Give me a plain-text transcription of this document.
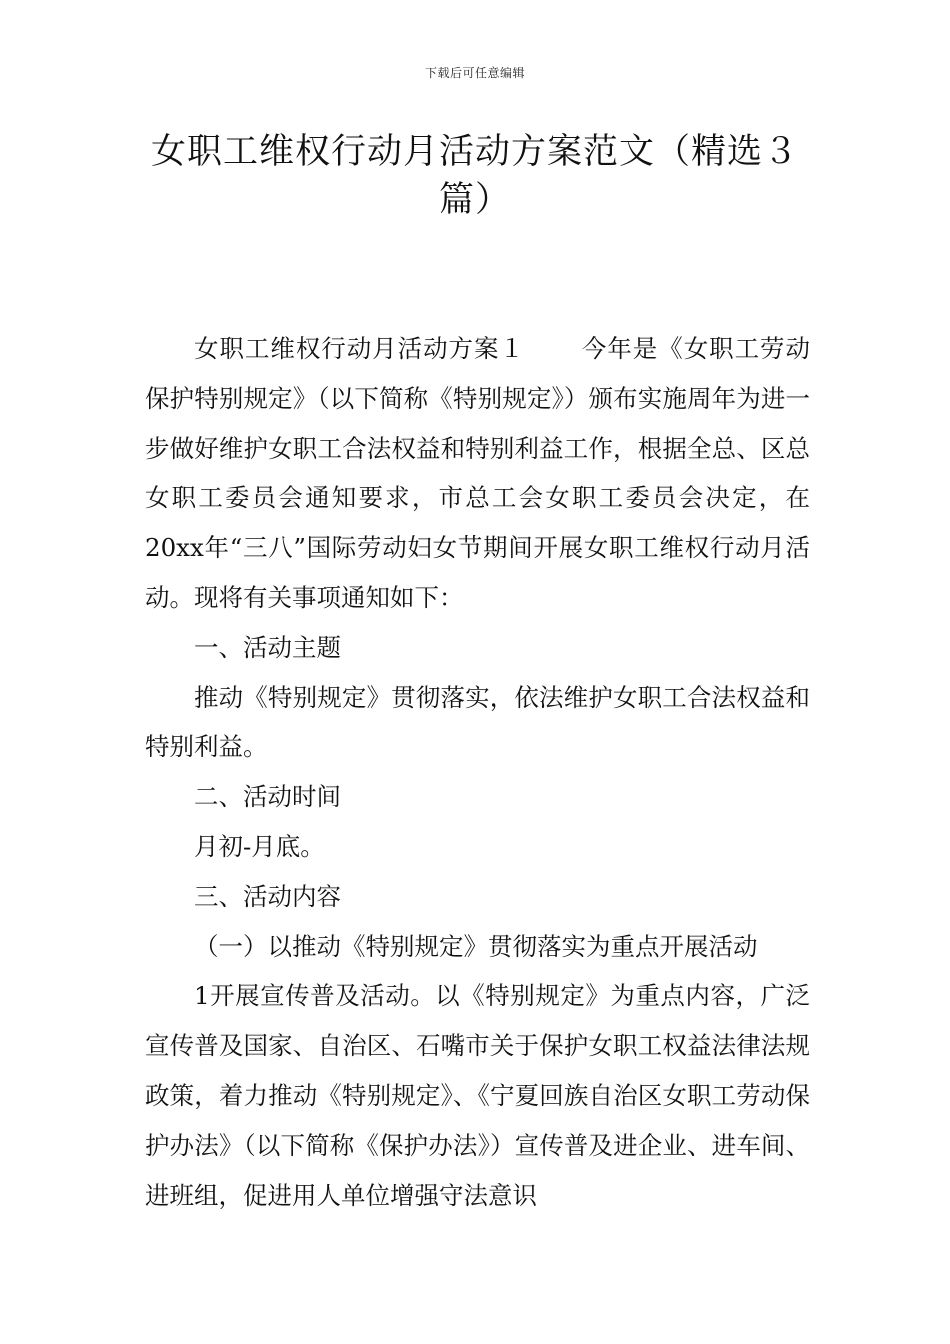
下载后可任意编辑
女职工维权行动月活动方案范文（精选３篇）

女职工维权行动月活动方案１ 今年是《女职工劳动保护特别规定》（以下简称《特别规定》）颁布实施周年为进一步做好维护女职工合法权益和特别利益工作，根据全总、区总女职工委员会通知要求，市总工会女职工委员会决定，在20xx年“三八”国际劳动妇女节期间开展女职工维权行动月活动。现将有关事项通知如下：

一、活动主题

推动《特别规定》贯彻落实，依法维护女职工合法权益和特别利益。

二、活动时间

月初-月底。

三、活动内容

（一）以推动《特别规定》贯彻落实为重点开展活动

1开展宣传普及活动。以《特别规定》为重点内容，广泛宣传普及国家、自治区、石嘴市关于保护女职工权益法律法规政策，着力推动《特别规定》、《宁夏回族自治区女职工劳动保护办法》（以下简称《保护办法》）宣传普及进企业、进车间、进班组，促进用人单位增强守法意识
